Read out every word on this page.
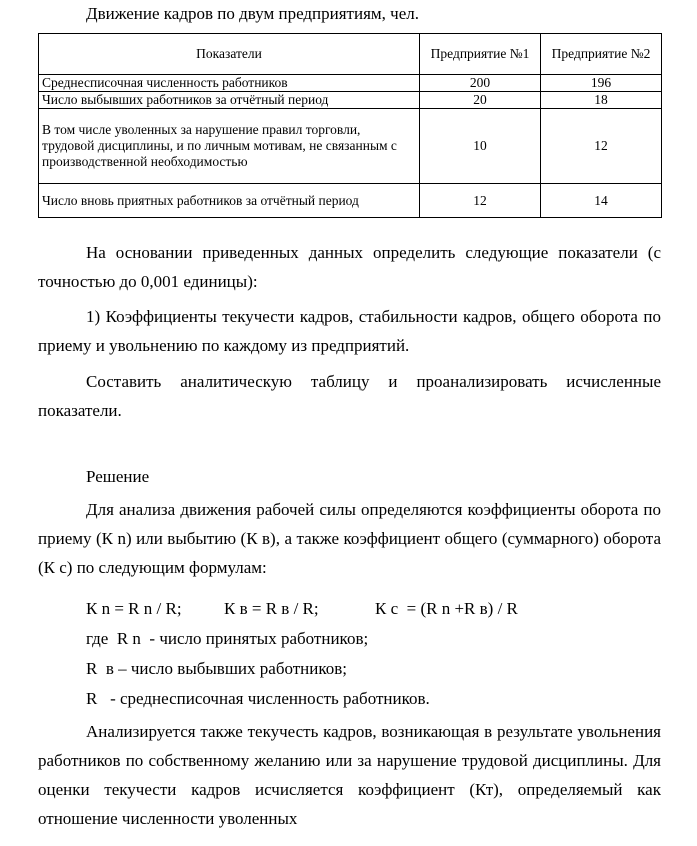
Движение кадров по двум предприятиям, чел.
Показатели	Предприятие №1	Предприятие №2
Среднесписочная численность работников	200	196
Число выбывших работников за отчётный период	20	18
В том числе уволенных за нарушение правил торговли, трудовой дисциплины, и по личным мотивам, не связанным с производственной необходимостью	10	12
Число вновь приятных работников за отчётный период	12	14

На основании приведенных данных определить следующие показатели (с точностью до 0,001 единицы):

1) Коэффициенты текучести кадров, стабильности кадров, общего оборота по приему и увольнению по каждому из предприятий.

Составить аналитическую таблицу и проанализировать исчисленные показатели.

Решение

Для анализа движения рабочей силы определяются коэффициенты оборота по приему (К n) или выбытию (К в), а также коэффициент общего (суммарного) оборота (К с) по следующим формулам:

К n = R n / R; К в = R в / R;	К с  = (R n +R в) / R
где  R n  - число принятых работников;
R  в – число выбывших работников;
R   - среднесписочная численность работников.

Анализируется также текучесть кадров, возникающая в результате увольнения работников по собственному желанию или за нарушение трудовой дисциплины. Для оценки текучести кадров исчисляется коэффициент (Кт), определяемый как отношение численности уволенных
